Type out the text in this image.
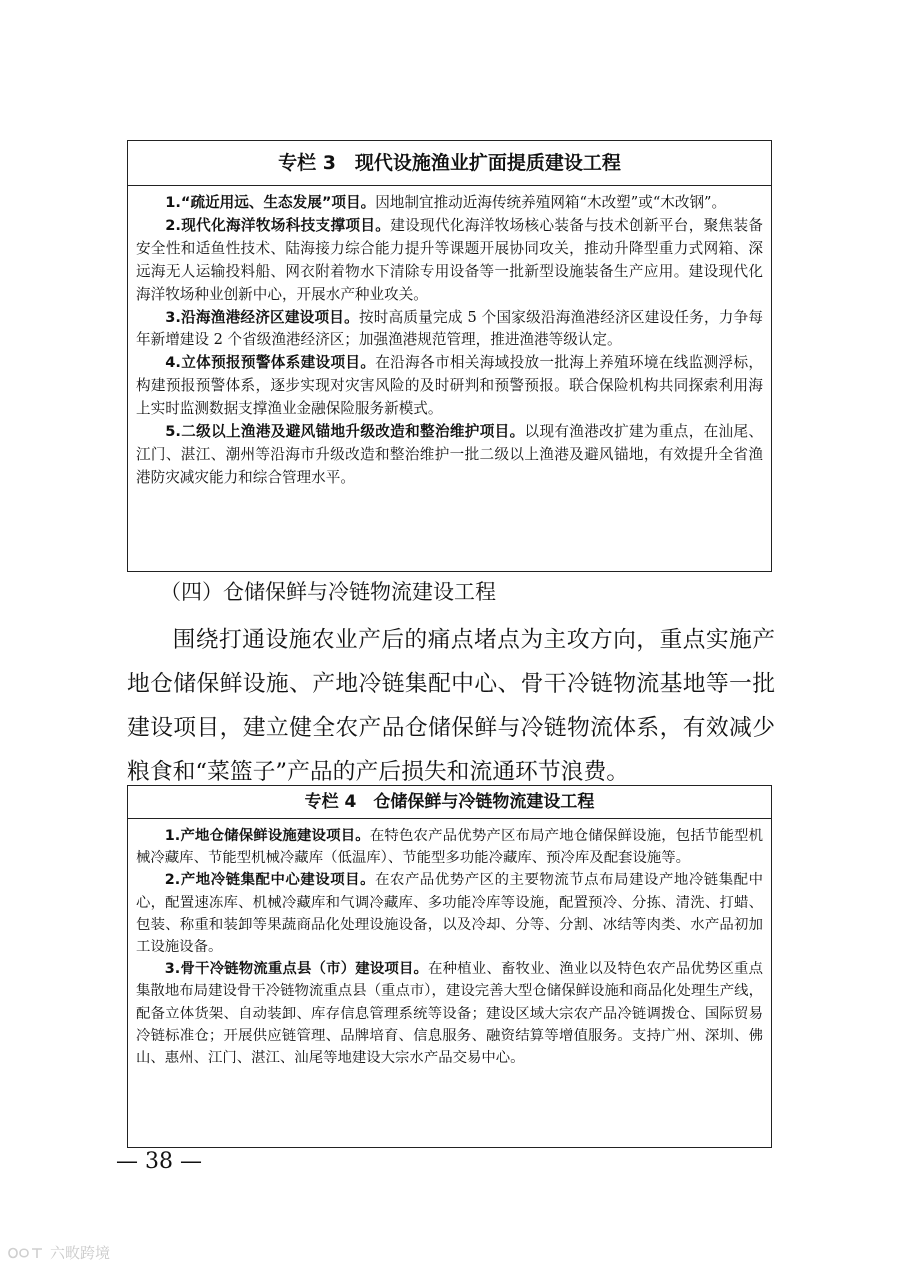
专栏 3　现代设施渔业扩面提质建设工程

1.“疏近用远、生态发展”项目。因地制宜推动近海传统养殖网箱“木改塑”或“木改钢”。

2.现代化海洋牧场科技支撑项目。建设现代化海洋牧场核心装备与技术创新平台，聚焦装备安全性和适鱼性技术、陆海接力综合能力提升等课题开展协同攻关，推动升降型重力式网箱、深远海无人运输投料船、网衣附着物水下清除专用设备等一批新型设施装备生产应用。建设现代化海洋牧场种业创新中心，开展水产种业攻关。

3.沿海渔港经济区建设项目。按时高质量完成 5 个国家级沿海渔港经济区建设任务，力争每年新增建设 2 个省级渔港经济区；加强渔港规范管理，推进渔港等级认定。

4.立体预报预警体系建设项目。在沿海各市相关海域投放一批海上养殖环境在线监测浮标，构建预报预警体系，逐步实现对灾害风险的及时研判和预警预报。联合保险机构共同探索利用海上实时监测数据支撑渔业金融保险服务新模式。

5.二级以上渔港及避风锚地升级改造和整治维护项目。以现有渔港改扩建为重点，在汕尾、江门、湛江、潮州等沿海市升级改造和整治维护一批二级以上渔港及避风锚地，有效提升全省渔港防灾减灾能力和综合管理水平。

（四）仓储保鲜与冷链物流建设工程

围绕打通设施农业产后的痛点堵点为主攻方向，重点实施产地仓储保鲜设施、产地冷链集配中心、骨干冷链物流基地等一批建设项目，建立健全农产品仓储保鲜与冷链物流体系，有效减少粮食和“菜篮子”产品的产后损失和流通环节浪费。

专栏 4　仓储保鲜与冷链物流建设工程

1.产地仓储保鲜设施建设项目。在特色农产品优势产区布局产地仓储保鲜设施，包括节能型机械冷藏库、节能型机械冷藏库（低温库）、节能型多功能冷藏库、预冷库及配套设施等。

2.产地冷链集配中心建设项目。在农产品优势产区的主要物流节点布局建设产地冷链集配中心，配置速冻库、机械冷藏库和气调冷藏库、多功能冷库等设施，配置预冷、分拣、清洗、打蜡、包装、称重和装卸等果蔬商品化处理设施设备，以及冷却、分等、分割、冰结等肉类、水产品初加工设施设备。

3.骨干冷链物流重点县（市）建设项目。在种植业、畜牧业、渔业以及特色农产品优势区重点集散地布局建设骨干冷链物流重点县（重点市），建设完善大型仓储保鲜设施和商品化处理生产线，配备立体货架、自动装卸、库存信息管理系统等设备；建设区域大宗农产品冷链调拨仓、国际贸易冷链标准仓；开展供应链管理、品牌培育、信息服务、融资结算等增值服务。支持广州、深圳、佛山、惠州、江门、湛江、汕尾等地建设大宗水产品交易中心。

— 38 —
六畋跨境
